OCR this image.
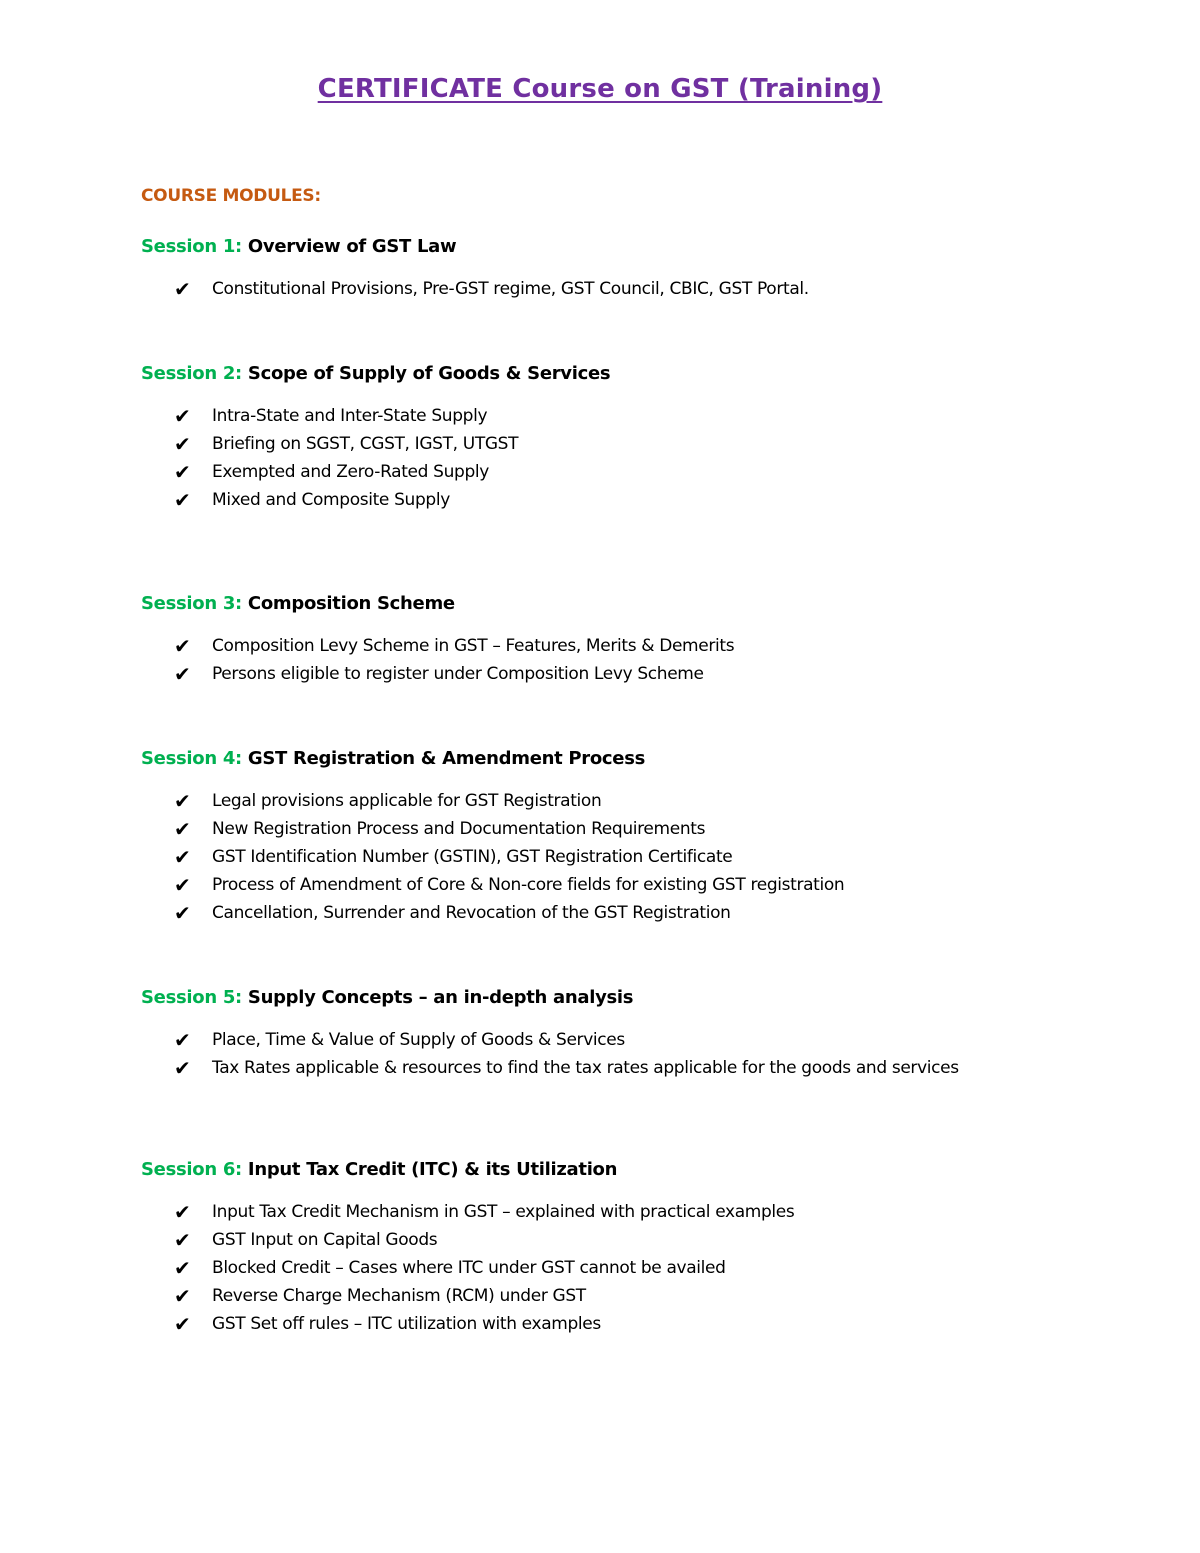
CERTIFICATE Course on GST (Training)
COURSE MODULES:
Session 1: Overview of GST Law
✔ Constitutional Provisions, Pre-GST regime, GST Council, CBIC, GST Portal.
Session 2: Scope of Supply of Goods & Services
✔ Intra-State and Inter-State Supply
✔ Briefing on SGST, CGST, IGST, UTGST
✔ Exempted and Zero-Rated Supply
✔ Mixed and Composite Supply
Session 3: Composition Scheme
✔ Composition Levy Scheme in GST – Features, Merits & Demerits
✔ Persons eligible to register under Composition Levy Scheme
Session 4: GST Registration & Amendment Process
✔ Legal provisions applicable for GST Registration
✔ New Registration Process and Documentation Requirements
✔ GST Identification Number (GSTIN), GST Registration Certificate
✔ Process of Amendment of Core & Non-core fields for existing GST registration
✔ Cancellation, Surrender and Revocation of the GST Registration
Session 5: Supply Concepts – an in-depth analysis
✔ Place, Time & Value of Supply of Goods & Services
✔ Tax Rates applicable & resources to find the tax rates applicable for the goods and services
Session 6: Input Tax Credit (ITC) & its Utilization
✔ Input Tax Credit Mechanism in GST – explained with practical examples
✔ GST Input on Capital Goods
✔ Blocked Credit – Cases where ITC under GST cannot be availed
✔ Reverse Charge Mechanism (RCM) under GST
✔ GST Set off rules – ITC utilization with examples
